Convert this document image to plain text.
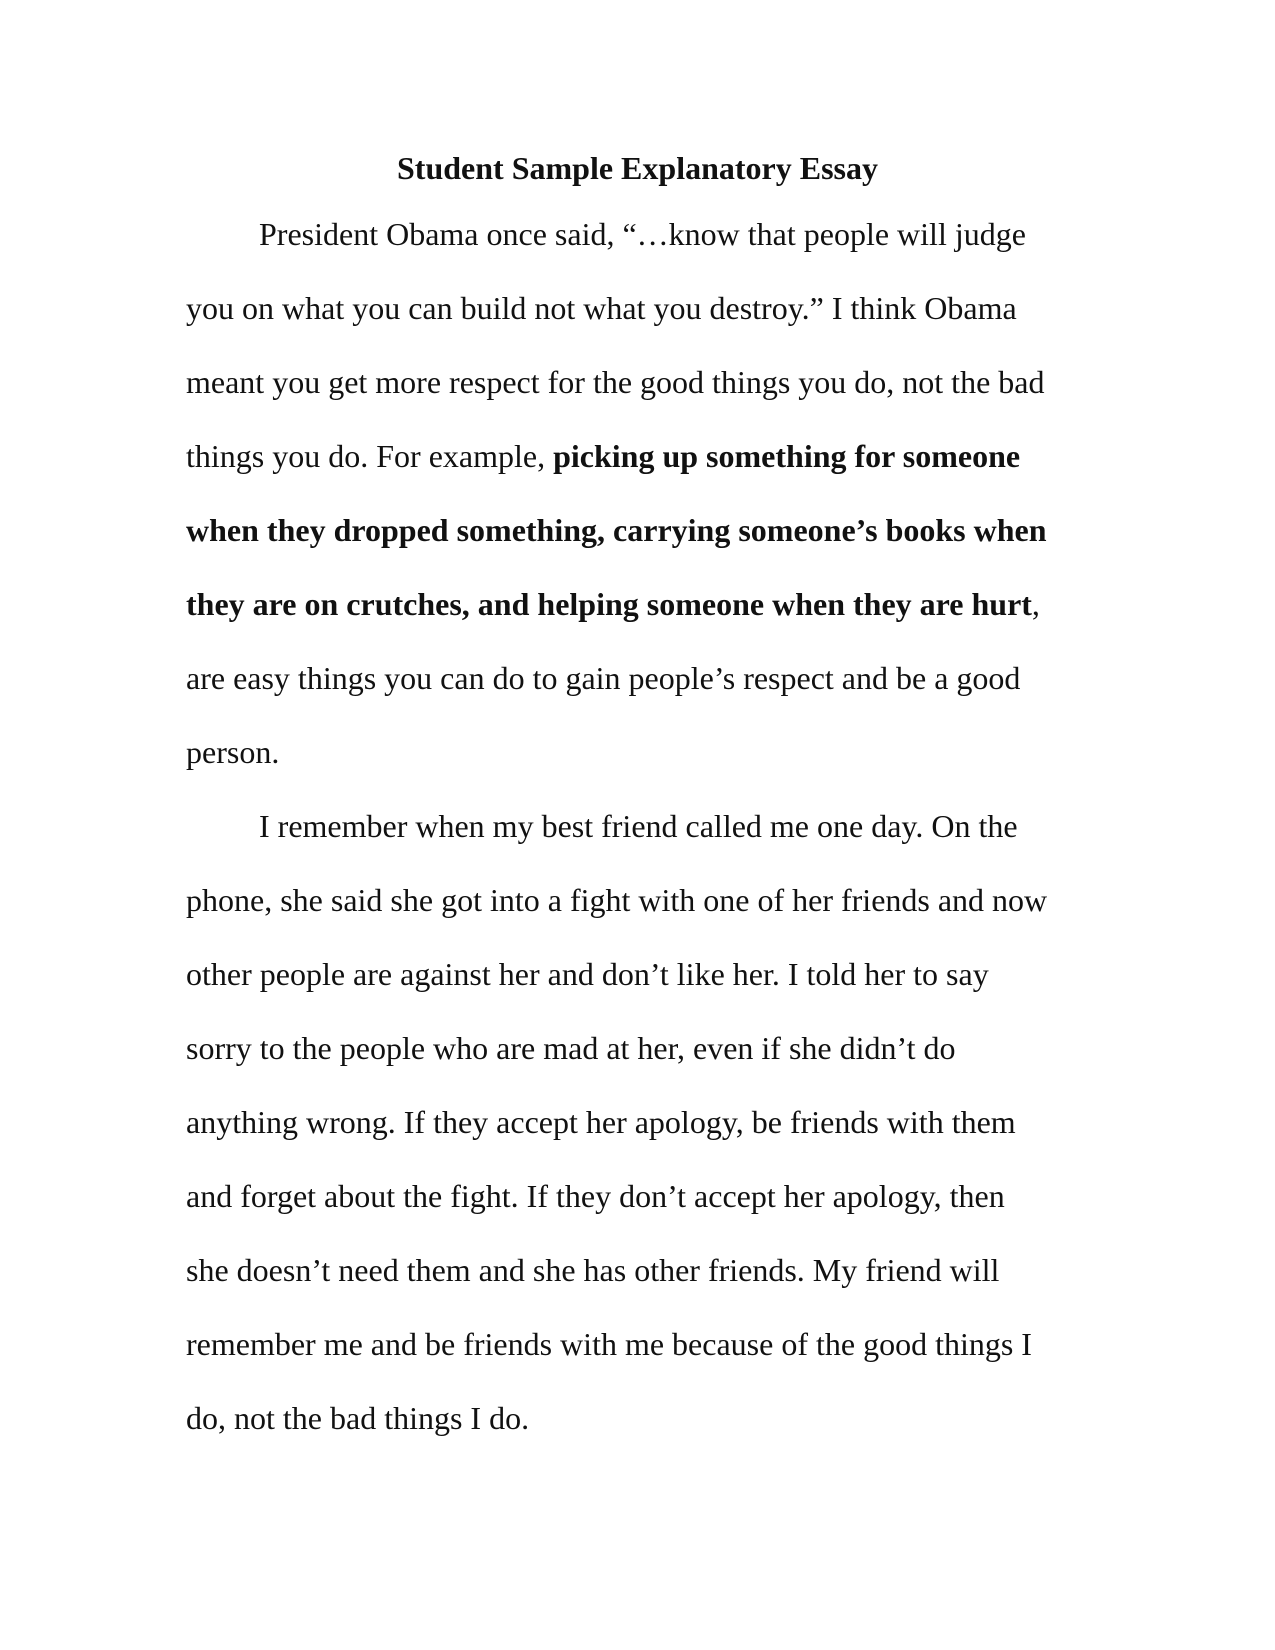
Student Sample Explanatory Essay

President Obama once said, “…know that people will judge

you on what you can build not what you destroy.” I think Obama

meant you get more respect for the good things you do, not the bad

things you do. For example, picking up something for someone

when they dropped something, carrying someone’s books when

they are on crutches, and helping someone when they are hurt,

are easy things you can do to gain people’s respect and be a good

person.

I remember when my best friend called me one day. On the

phone, she said she got into a fight with one of her friends and now

other people are against her and don’t like her. I told her to say

sorry to the people who are mad at her, even if she didn’t do

anything wrong. If they accept her apology, be friends with them

and forget about the fight. If they don’t accept her apology, then

she doesn’t need them and she has other friends. My friend will

remember me and be friends with me because of the good things I

do, not the bad things I do.
